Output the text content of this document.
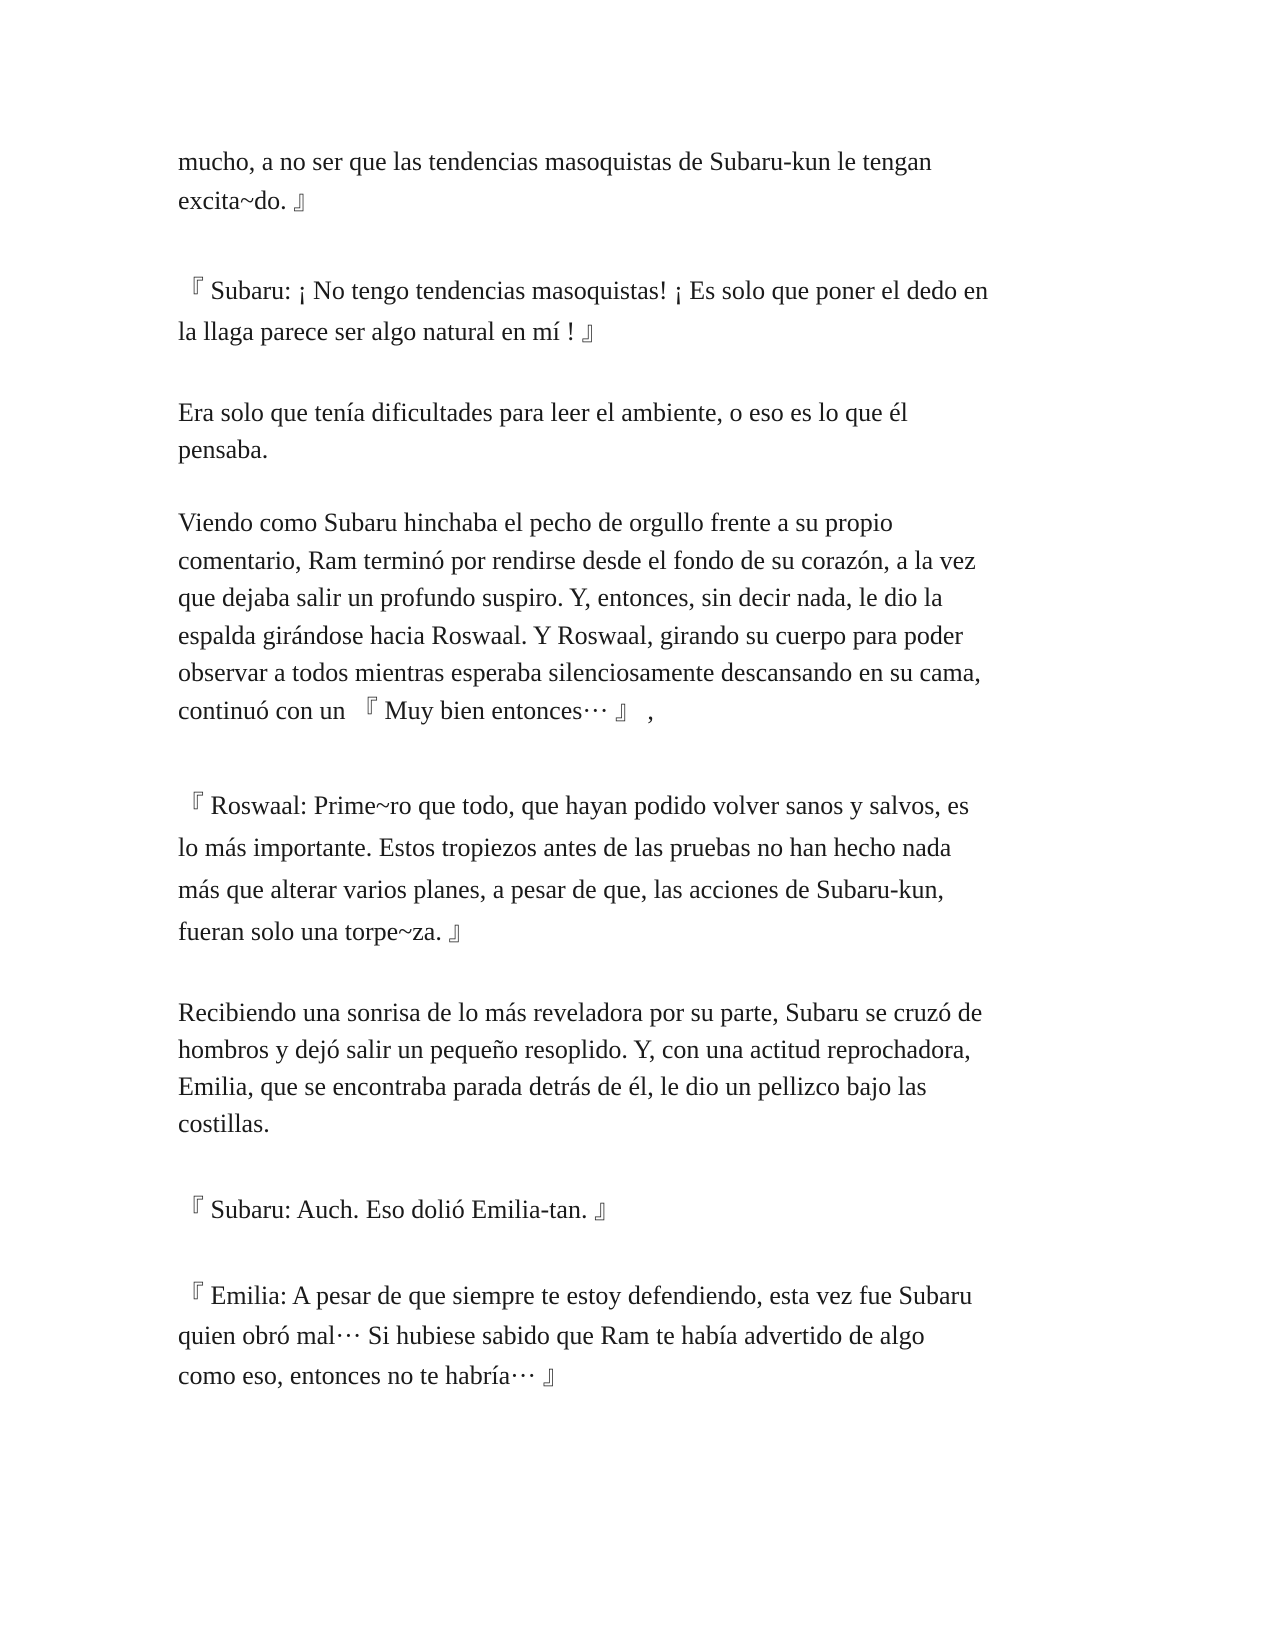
mucho, a no ser que las tendencias masoquistas de Subaru-kun le tengan
excita~do. 』
『 Subaru: ¡ No tengo tendencias masoquistas! ¡ Es solo que poner el dedo en
la llaga parece ser algo natural en mí ! 』
Era solo que tenía dificultades para leer el ambiente, o eso es lo que él
pensaba.
Viendo como Subaru hinchaba el pecho de orgullo frente a su propio
comentario, Ram terminó por rendirse desde el fondo de su corazón, a la vez
que dejaba salir un profundo suspiro. Y, entonces, sin decir nada, le dio la
espalda girándose hacia Roswaal. Y Roswaal, girando su cuerpo para poder
observar a todos mientras esperaba silenciosamente descansando en su cama,
continuó con un 『 Muy bien entonces··· 』 ,
『 Roswaal: Prime~ro que todo, que hayan podido volver sanos y salvos, es
lo más importante. Estos tropiezos antes de las pruebas no han hecho nada
más que alterar varios planes, a pesar de que, las acciones de Subaru-kun,
fueran solo una torpe~za. 』
Recibiendo una sonrisa de lo más reveladora por su parte, Subaru se cruzó de
hombros y dejó salir un pequeño resoplido. Y, con una actitud reprochadora,
Emilia, que se encontraba parada detrás de él, le dio un pellizco bajo las
costillas.
『 Subaru: Auch. Eso dolió Emilia-tan. 』
『 Emilia: A pesar de que siempre te estoy defendiendo, esta vez fue Subaru
quien obró mal··· Si hubiese sabido que Ram te había advertido de algo
como eso, entonces no te habría··· 』
